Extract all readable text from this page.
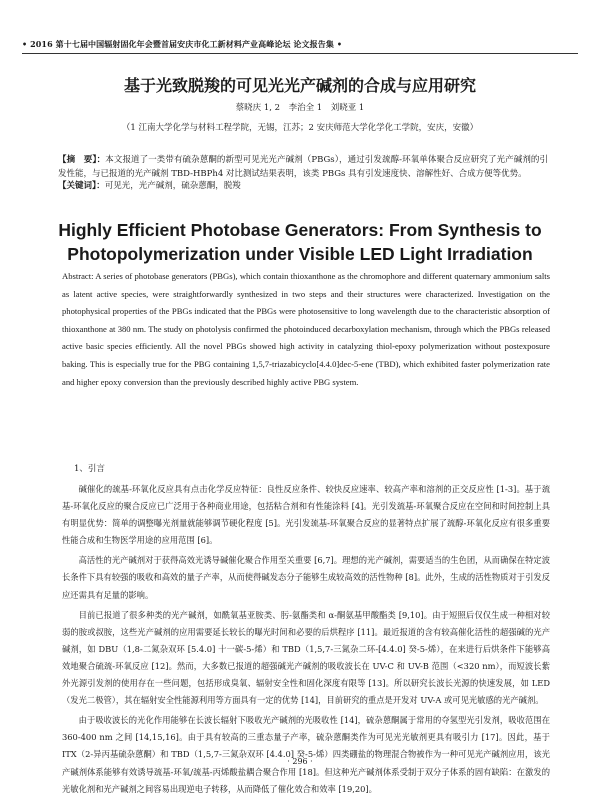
• 2016 第十七届中国辐射固化年会暨首届安庆市化工新材料产业高峰论坛 论文报告集 •
基于光致脱羧的可见光光产碱剂的合成与应用研究
蔡晓庆 1, 2　李治全 1　刘晓亚 1
（1 江南大学化学与材料工程学院，无锡，江苏；2 安庆师范大学化学化工学院，安庆，安徽）
【摘　要】：本文报道了一类带有硫杂蒽酮的新型可见光光产碱剂（PBGs），通过引发巯醇-环氧单体聚合反应研究了光产碱剂的引发性能，与已报道的光产碱剂 TBD-HBPh4 对比测试结果表明，该类 PBGs 具有引发速度快、溶解性好、合成方便等优势。
【关键词】：可见光，光产碱剂，硫杂蒽酮，脱羧
Highly Efficient Photobase Generators: From Synthesis to
Photopolymerization under Visible LED Light Irradiation
Abstract: A series of photobase generators (PBGs), which contain thioxanthone as the chromophore and different quaternary ammonium salts as latent active species, were straightforwardly synthesized in two steps and their structures were characterized. Investigation on the photophysical properties of the PBGs indicated that the PBGs were photosensitive to long wavelength due to the characteristic absorption of thioxanthone at 380 nm. The study on photolysis confirmed the photoinduced decarboxylation mechanism, through which the PBGs released active basic species efficiently. All the novel PBGs showed high activity in catalyzing thiol-epoxy polymerization without postexposure baking. This is especially true for the PBG containing 1,5,7-triazabicyclo[4.4.0]dec-5-ene (TBD), which exhibited faster polymerization rate and higher epoxy conversion than the previously described highly active PBG system.
1、引言

碱催化的巯基-环氧化反应具有点击化学反应特征：良性反应条件、较快反应速率、较高产率和溶剂的正交反应性 [1-3]。基于巯基-环氧化反应的聚合反应已广泛用于各种商业用途，包括粘合剂和有性能涂料 [4]。光引发巯基-环氧聚合反应在空间和时间控制上具有明显优势：简单的调整曝光剂量就能够调节硬化程度 [5]。光引发巯基-环氧聚合反应的显著特点扩展了巯醇-环氧化反应有很多重要性能合成和生物医学用途的应用范围 [6]。

高活性的光产碱剂对于获得高效光诱导碱催化聚合作用至关重要 [6,7]。理想的光产碱剂，需要适当的生色团，从而确保在特定波长条件下具有较强的吸收和高效的量子产率，从而使得碱发态分子能够生成较高效的活性物种 [8]。此外，生成的活性物质对于引发反应还需具有足量的影响。

目前已报道了很多种类的光产碱剂，如酰氧基亚胺类、肟-氨酯类和 α-酮氨基甲酸酯类 [9,10]。由于短照后仅仅生成一种相对较弱的胺或叔胺，这些光产碱剂的应用需要延长较长的曝光时间和必要的后烘程序 [11]。最近报道的含有较高催化活性的超强碱的光产碱剂，如 DBU（1,8-二氮杂双环 [5.4.0] 十一碳-5-烯）和 TBD（1,5,7-三氮杂二环-[4.4.0] 癸-5-烯），在来进行后烘条件下能够高效地聚合硫巯-环氧反应 [12]。然而，大多数已报道的超强碱光产碱剂的吸收波长在 UV-C 和 UV-B 范围（<320 nm），而短波长紫外光源引发剂的使用存在一些问题，包括形成臭氧、辐射安全性和固化深度有限等 [13]。所以研究长波长光源的快速发展，如 LED（发光二极管），其在辐射安全性能源利用等方面具有一定的优势 [14]，目前研究的重点是开发对 UV-A 或可见光敏感的光产碱剂。

由于吸收波长的光化作用能够在长波长辐射下吸收光产碱剂的光吸收性 [14]，硫杂蒽酮属于常用的夺氢型光引发剂，吸收范围在 360-400 nm 之间 [14,15,16]。由于具有较高的三重态量子产率，硫杂蒽酮类作为可见光光敏剂更具有吸引力 [17]。因此，基于 ITX（2-异丙基硫杂蒽酮）和 TBD（1,5,7-三氮杂双环 [4.4.0] 癸-5-烯）四类硼盐的物理混合物被作为一种可见光产碱剂应用，该光产碱剂体系能够有效诱导巯基-环氧/巯基-丙烯酸盐耦合聚合作用 [18]。但这种光产碱剂体系受制于双分子体系的固有缺陷：在激发的光敏化剂和光产碱剂之间容易出现逆电子转移，从而降低了催化效合和效率 [19,20]。

· 296 ·
